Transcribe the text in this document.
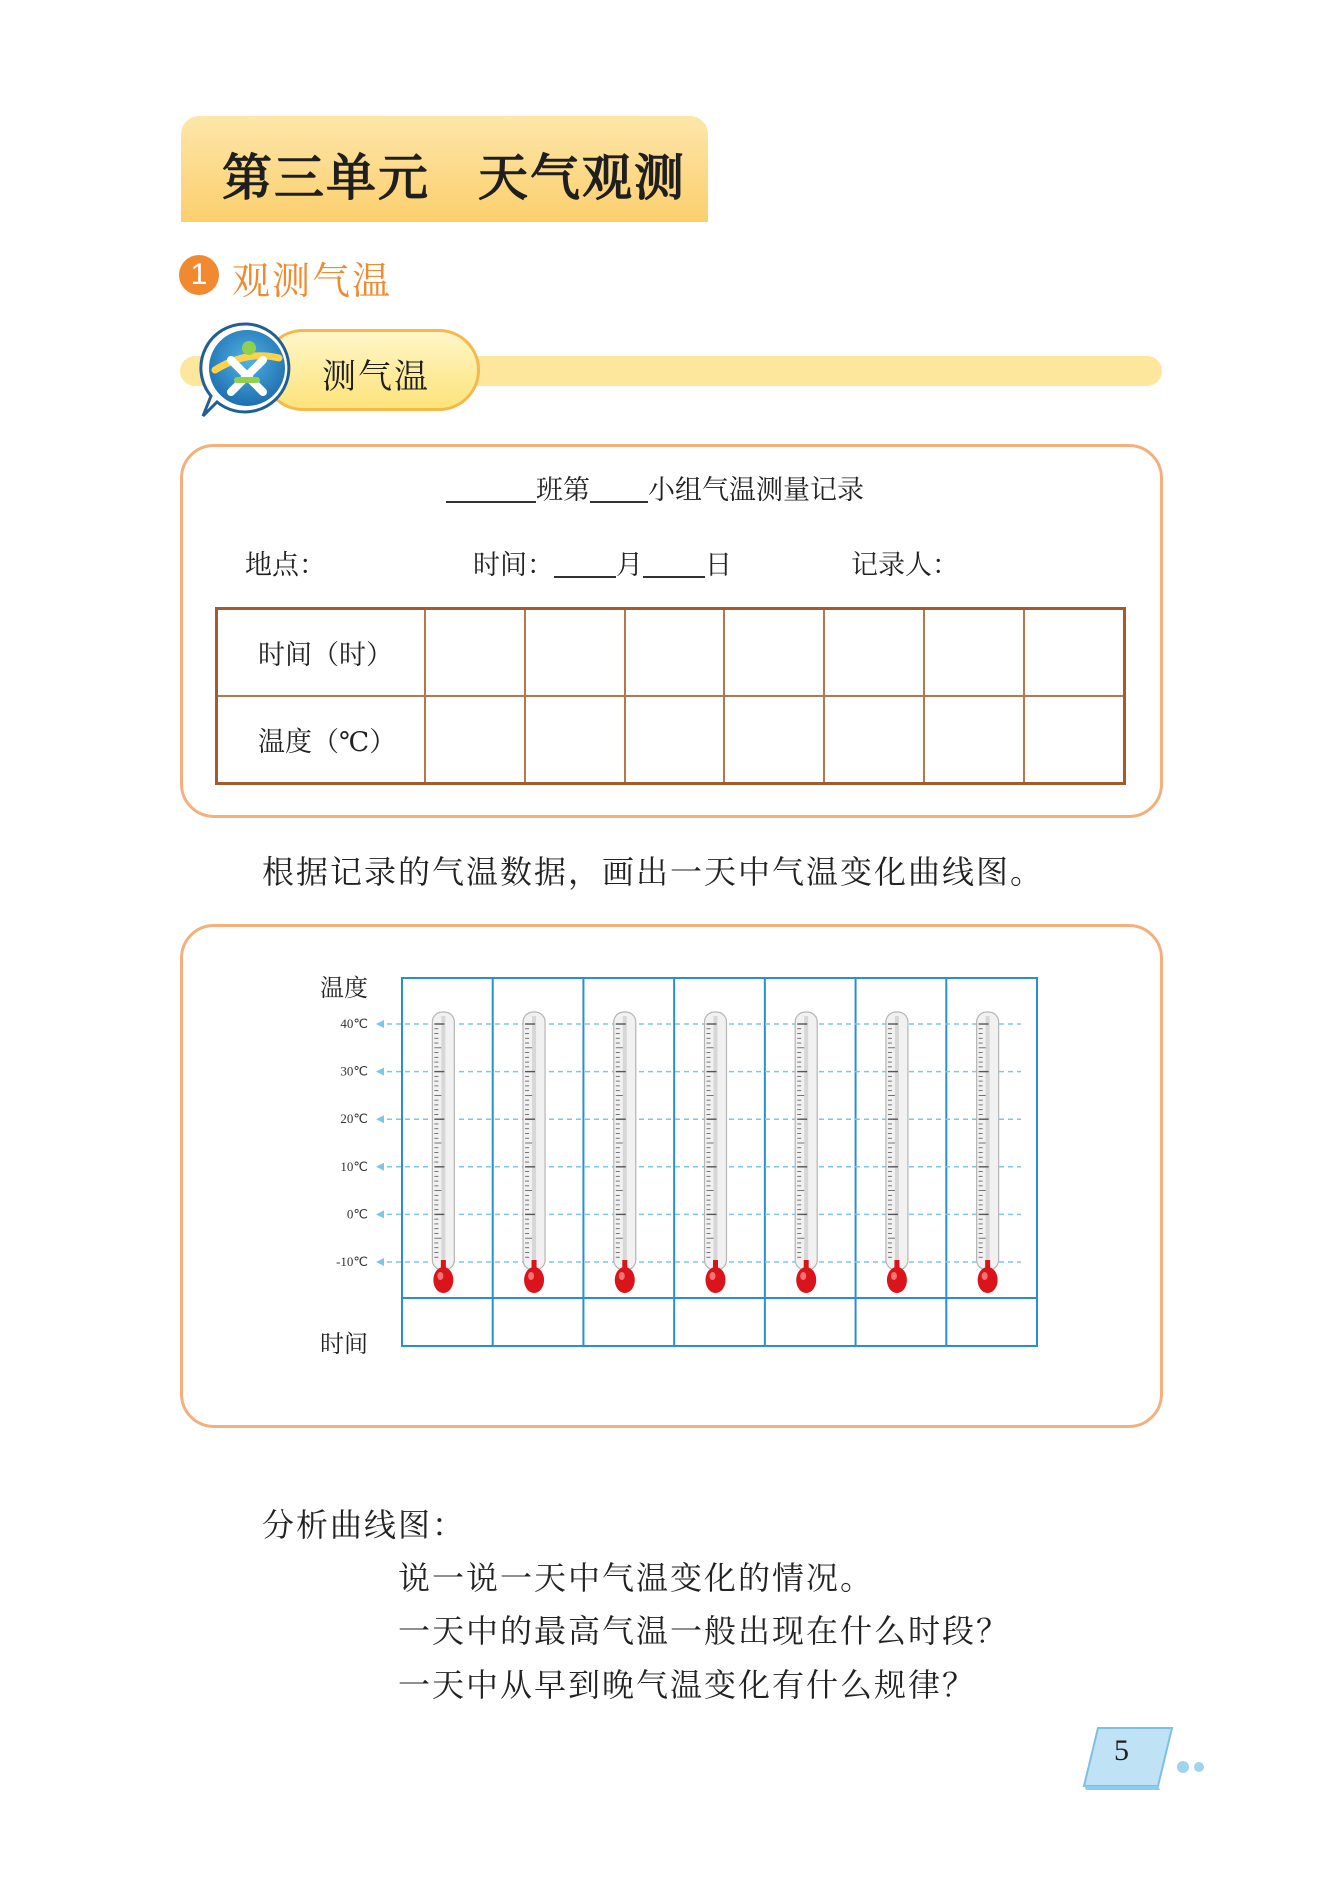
第三单元 天气观测
1 观测气温
测气温
班第 小组气温测量记录
地点：	时间： 月 日	记录人：
时间（时）							
温度（℃）							
根据记录的气温数据，画出一天中气温变化曲线图。
温度
时间
40℃
30℃
20℃
10℃
0℃
-10℃
分析曲线图：
说一说一天中气温变化的情况。
一天中的最高气温一般出现在什么时段？
一天中从早到晚气温变化有什么规律？
5
